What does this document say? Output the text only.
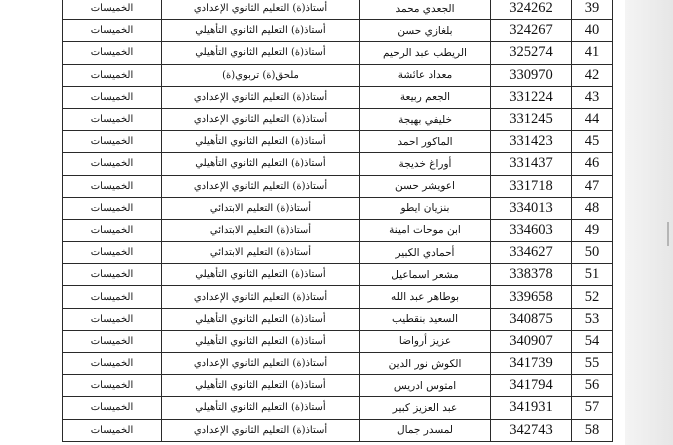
الخميسات	أستاذ(ة) التعليم الثانوي الإعدادي	الجعدي محمد	324262	39
الخميسات	أستاذ(ة) التعليم الثانوي التأهيلي	بلغازي حسن	324267	40
الخميسات	أستاذ(ة) التعليم الثانوي التأهيلي	الريطب عبد الرحيم	325274	41
الخميسات	ملحق(ة) تربوي(ة)	معداد عائشة	330970	42
الخميسات	أستاذ(ة) التعليم الثانوي الإعدادي	الجعم ربيعة	331224	43
الخميسات	أستاذ(ة) التعليم الثانوي الإعدادي	خليفي بهيجة	331245	44
الخميسات	أستاذ(ة) التعليم الثانوي التأهيلي	الماكور احمد	331423	45
الخميسات	أستاذ(ة) التعليم الثانوي التأهيلي	أوراغ خديجة	331437	46
الخميسات	أستاذ(ة) التعليم الثانوي الإعدادي	اعويشر حسن	331718	47
الخميسات	أستاذ(ة) التعليم الابتدائي	بنزيان ايطو	334013	48
الخميسات	أستاذ(ة) التعليم الابتدائي	ابن موحات امينة	334603	49
الخميسات	أستاذ(ة) التعليم الابتدائي	أحمادي الكبير	334627	50
الخميسات	أستاذ(ة) التعليم الثانوي التأهيلي	مشعر اسماعيل	338378	51
الخميسات	أستاذ(ة) التعليم الثانوي الإعدادي	بوطاهر عبد الله	339658	52
الخميسات	أستاذ(ة) التعليم الثانوي التأهيلي	السعيد بنقطيب	340875	53
الخميسات	أستاذ(ة) التعليم الثانوي التأهيلي	عزيز أرواضا	340907	54
الخميسات	أستاذ(ة) التعليم الثانوي الإعدادي	الكوش نور الدين	341739	55
الخميسات	أستاذ(ة) التعليم الثانوي التأهيلي	امتوس ادريس	341794	56
الخميسات	أستاذ(ة) التعليم الثانوي التأهيلي	عبد العزيز كبير	341931	57
الخميسات	أستاذ(ة) التعليم الثانوي الإعدادي	لمسدر جمال	342743	58
